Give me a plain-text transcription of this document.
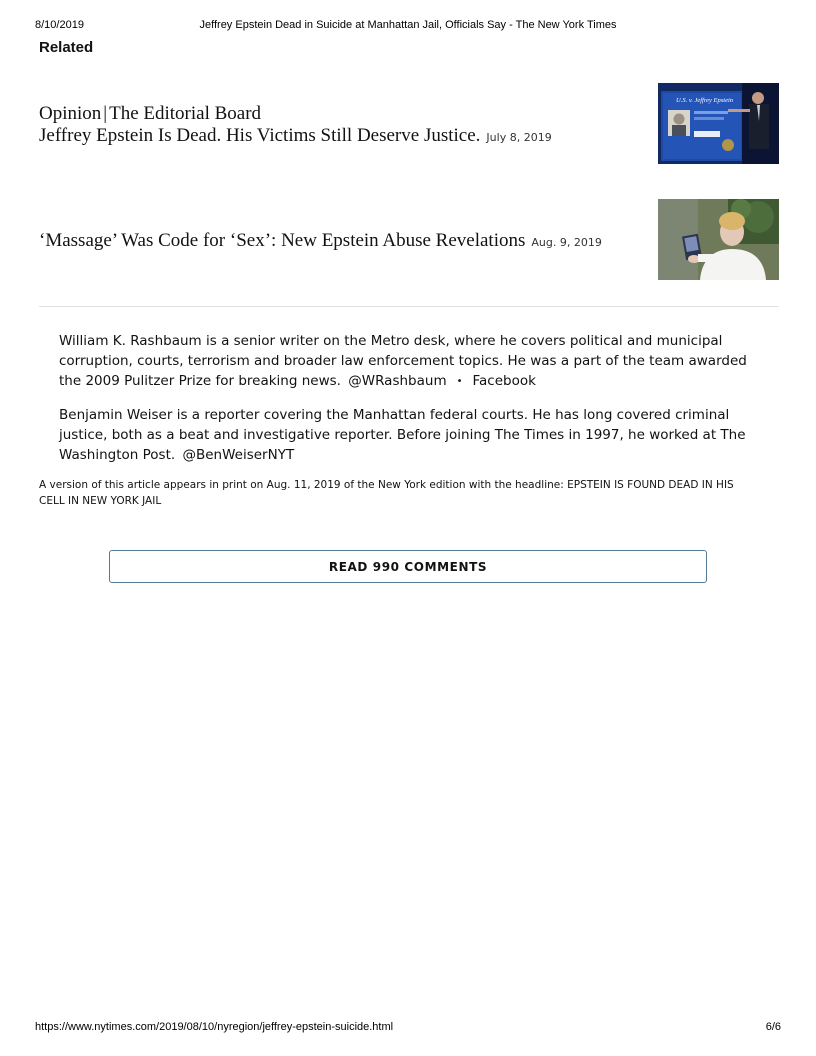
8/10/2019	Jeffrey Epstein Dead in Suicide at Manhattan Jail, Officials Say - The New York Times
Related
Opinion | The Editorial Board
Jeffrey Epstein Is Dead. His Victims Still Deserve Justice. July 8, 2019
U.S. v. Jeffrey Epstein
‘Massage’ Was Code for ‘Sex’: New Epstein Abuse Revelations Aug. 9, 2019
William K. Rashbaum is a senior writer on the Metro desk, where he covers political and municipal corruption, courts, terrorism and broader law enforcement topics. He was a part of the team awarded the 2009 Pulitzer Prize for breaking news. @WRashbaum • Facebook
Benjamin Weiser is a reporter covering the Manhattan federal courts. He has long covered criminal justice, both as a beat and investigative reporter. Before joining The Times in 1997, he worked at The Washington Post. @BenWeiserNYT
A version of this article appears in print on Aug. 11, 2019 of the New York edition with the headline: EPSTEIN IS FOUND DEAD IN HIS CELL IN NEW YORK JAIL
READ 990 COMMENTS
https://www.nytimes.com/2019/08/10/nyregion/jeffrey-epstein-suicide.html	6/6
